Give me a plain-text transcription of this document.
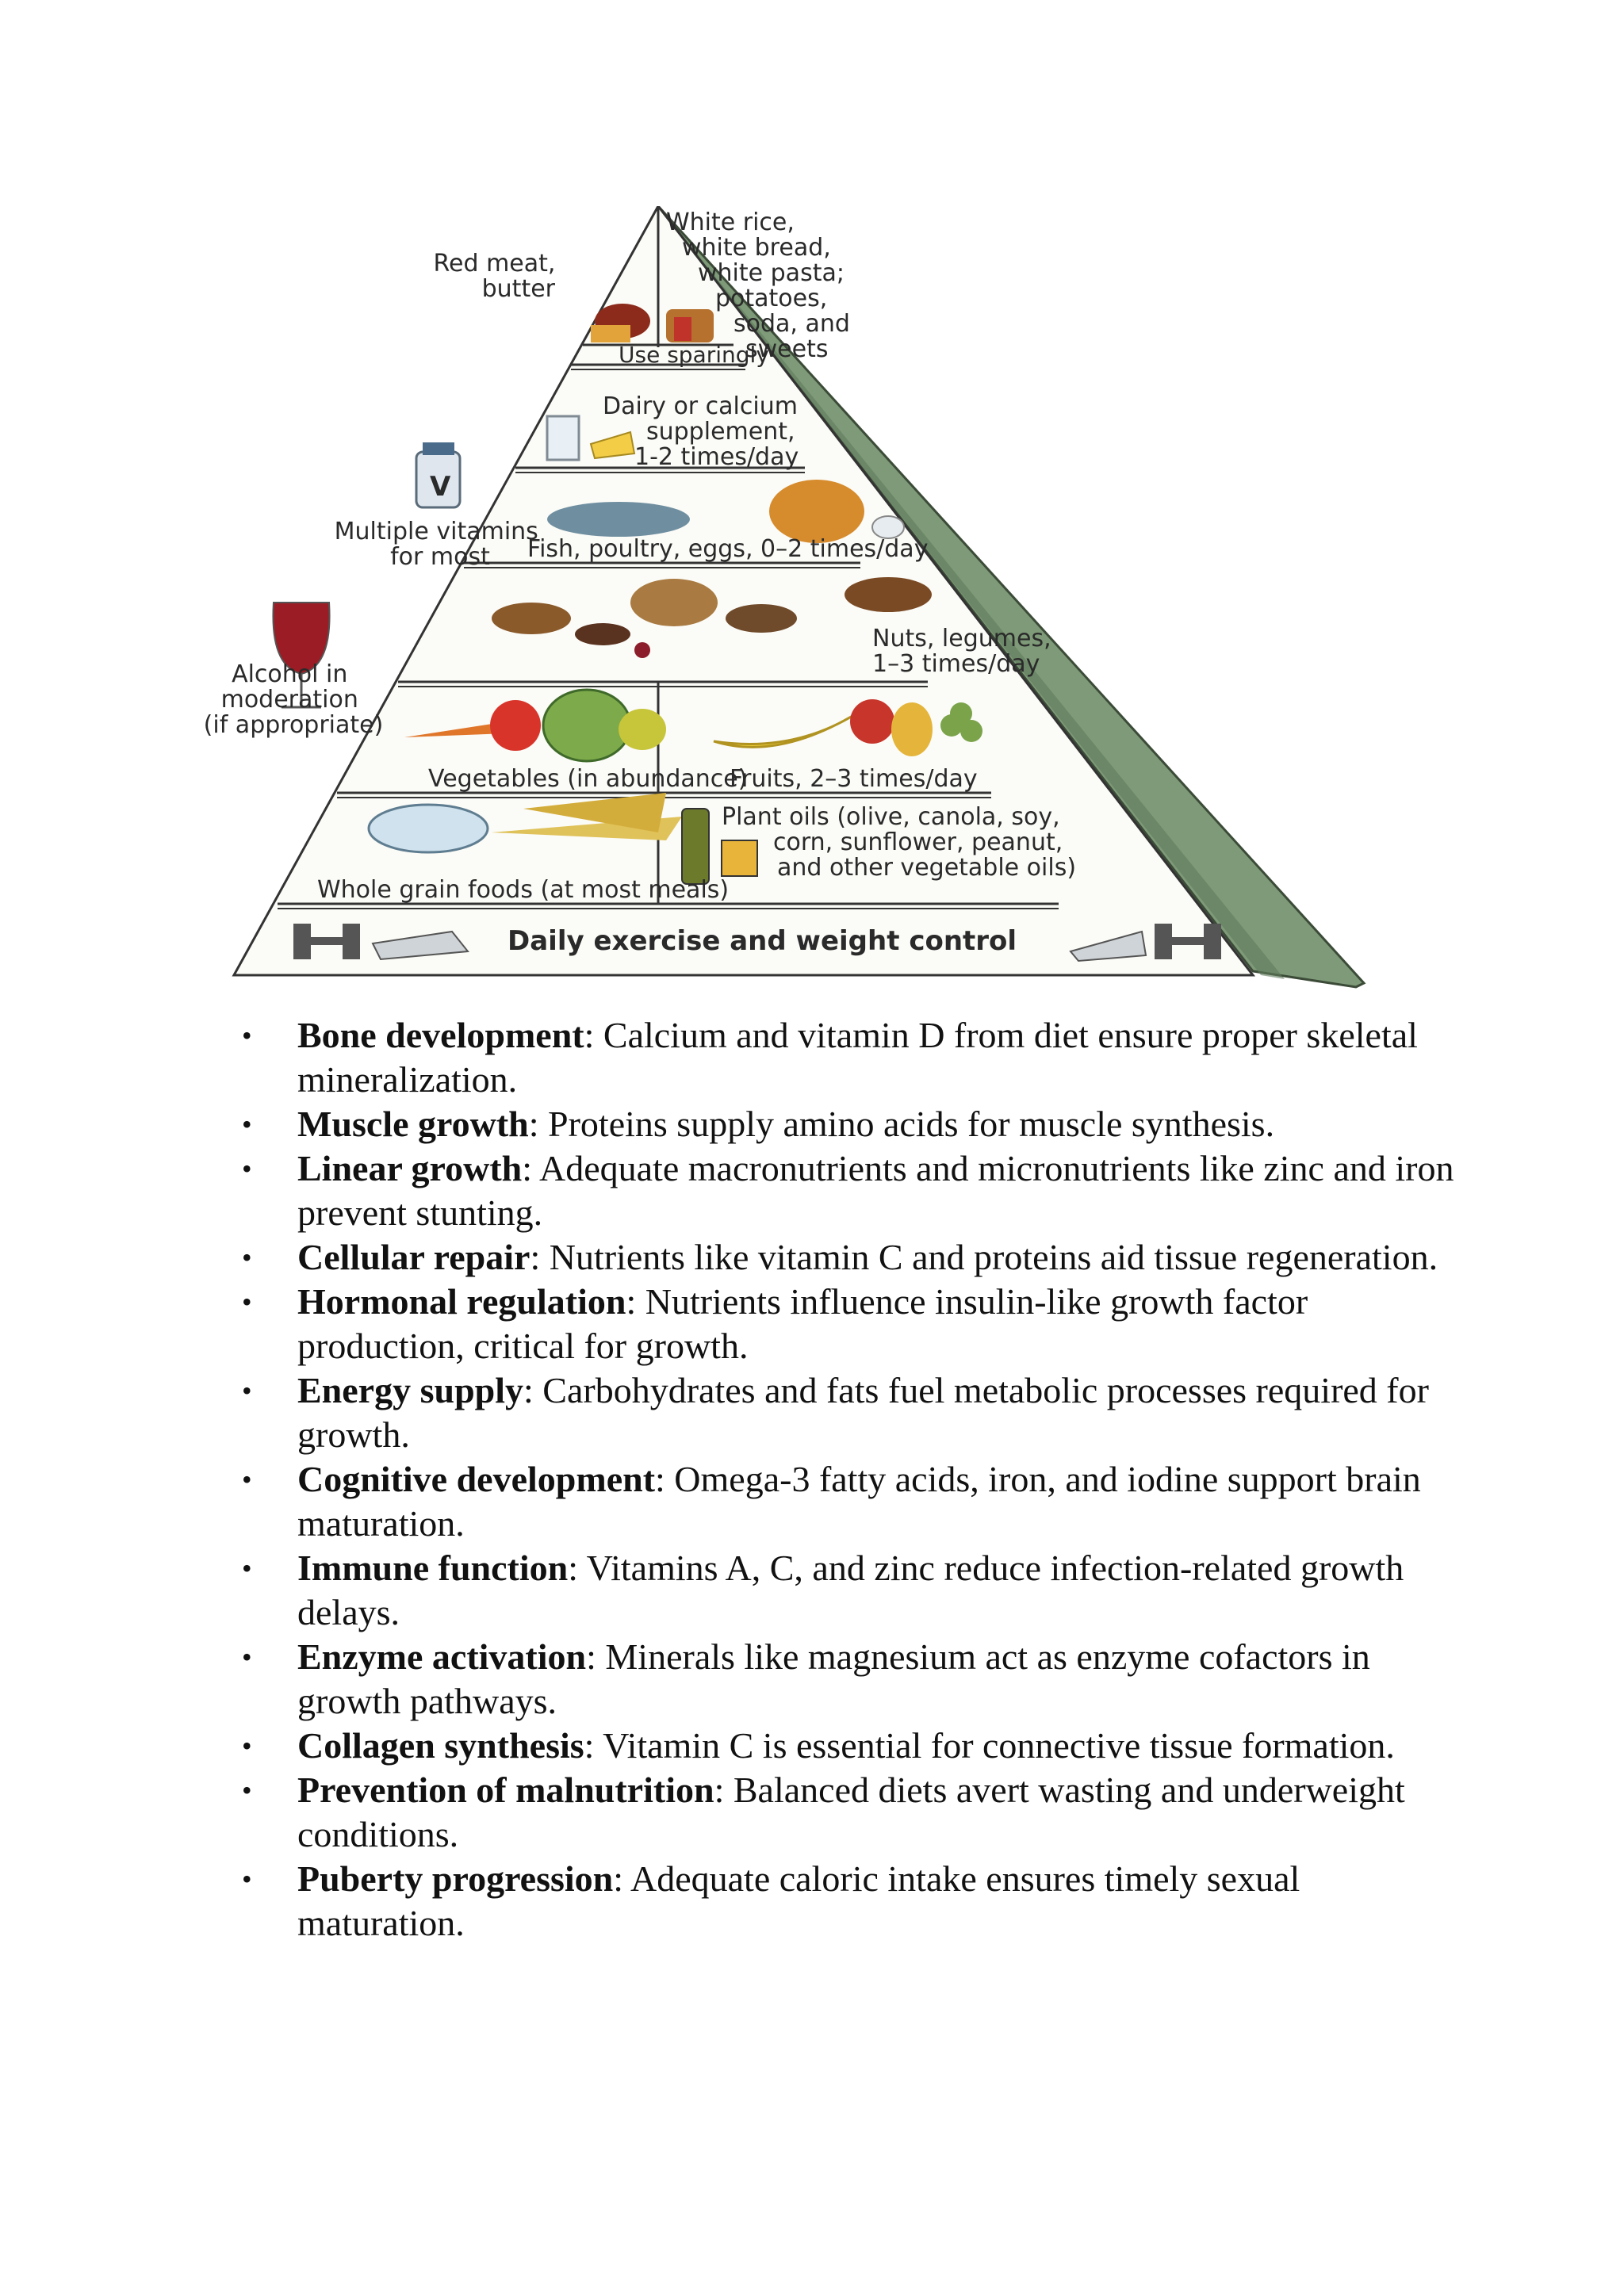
V
Red meat, butter
White rice, white bread, white pasta; potatoes, soda, and sweets
Use sparingly
Dairy or calcium supplement, 1-2 times/day
Fish, poultry, eggs, 0–2 times/day
Nuts, legumes, 1–3 times/day
Vegetables (in abundance)
Fruits, 2–3 times/day
Whole grain foods (at most meals)
Plant oils (olive, canola, soy, corn, sunflower, peanut, and other vegetable oils)
Daily exercise and weight control
Multiple vitamins for most
Alcohol in moderation (if appropriate)
• Bone development: Calcium and vitamin D from diet ensure proper skeletal mineralization.
• Muscle growth: Proteins supply amino acids for muscle synthesis.
• Linear growth: Adequate macronutrients and micronutrients like zinc and iron prevent stunting.
• Cellular repair: Nutrients like vitamin C and proteins aid tissue regeneration.
• Hormonal regulation: Nutrients influence insulin-like growth factor production, critical for growth.
• Energy supply: Carbohydrates and fats fuel metabolic processes required for growth.
• Cognitive development: Omega-3 fatty acids, iron, and iodine support brain maturation.
• Immune function: Vitamins A, C, and zinc reduce infection-related growth delays.
• Enzyme activation: Minerals like magnesium act as enzyme cofactors in growth pathways.
• Collagen synthesis: Vitamin C is essential for connective tissue formation.
• Prevention of malnutrition: Balanced diets avert wasting and underweight conditions.
• Puberty progression: Adequate caloric intake ensures timely sexual maturation.
